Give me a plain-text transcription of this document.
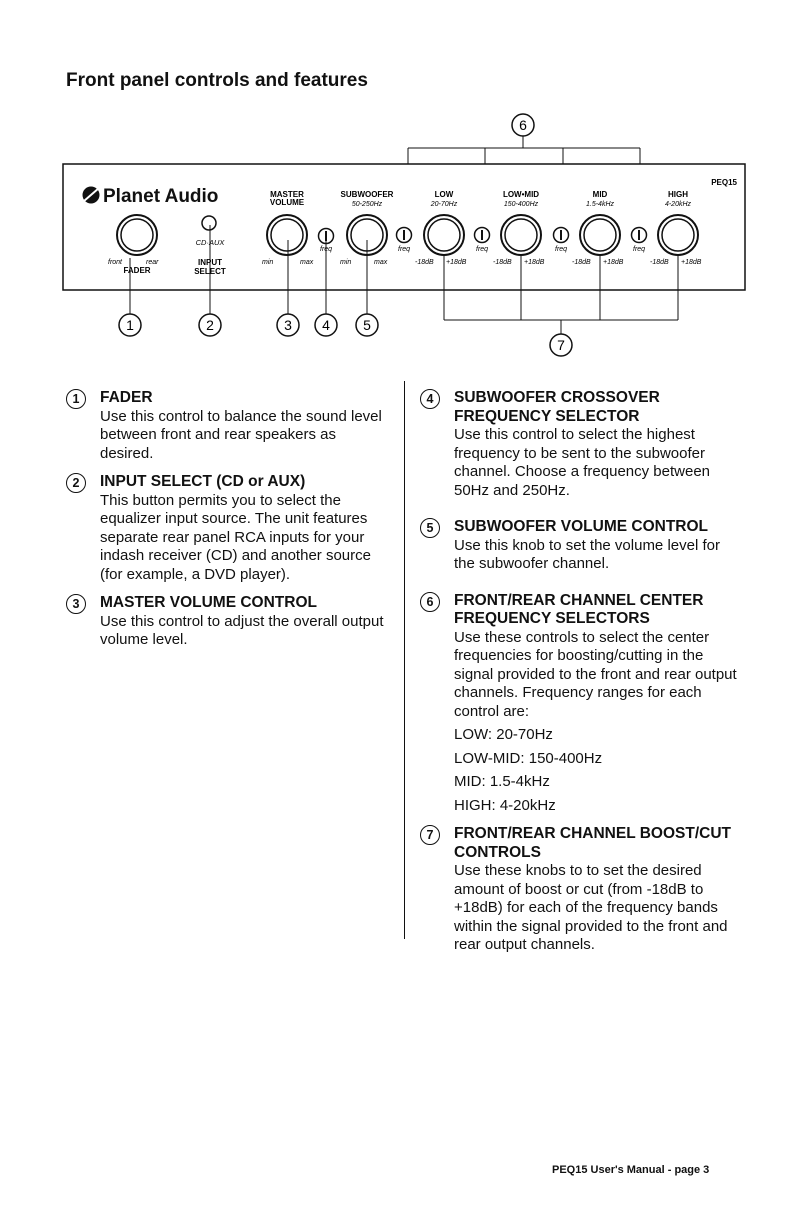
Front panel controls and features
PEQ15
Planet Audio
front	rear
FADER
CD·AUX
INPUT
SELECT
MASTER
VOLUME
min	max
SUBWOOFER
50-250Hz
freq
min	max
LOW
20-70Hz
freq
-18dB +18dB
LOW•MID
150-400Hz
freq
-18dB +18dB
MID
1.5-4kHz
freq
-18dB +18dB
HIGH
4-20kHz
freq
-18dB +18dB
1	2	3 4 5
6
7
1	FADER
Use this control to balance the sound level between front and rear speakers as desired.
2	INPUT SELECT (CD or AUX)
This button permits you to select the equalizer input source. The unit features separate rear panel RCA inputs for your indash receiver (CD) and another source (for example, a DVD player).
3	MASTER VOLUME CONTROL
Use this control to adjust the overall output volume level.
4	SUBWOOFER CROSSOVER FREQUENCY SELECTOR
Use this control to select the highest frequency to be sent to the subwoofer channel. Choose a frequency between 50Hz and 250Hz.
5	SUBWOOFER VOLUME CONTROL
Use this knob to set the volume level for the subwoofer channel.
6	FRONT/REAR CHANNEL CENTER FREQUENCY SELECTORS
Use these controls to select the center frequencies for boosting/cutting in the signal provided to the front and rear output channels. Frequency ranges for each control are:
LOW: 20-70Hz
LOW-MID: 150-400Hz
MID: 1.5-4kHz
HIGH: 4-20kHz
7	FRONT/REAR CHANNEL BOOST/CUT CONTROLS
Use these knobs to to set the desired amount of boost or cut (from -18dB to +18dB) for each of the frequency bands within the signal provided to the front and rear output channels.
PEQ15 User's Manual - page 3
